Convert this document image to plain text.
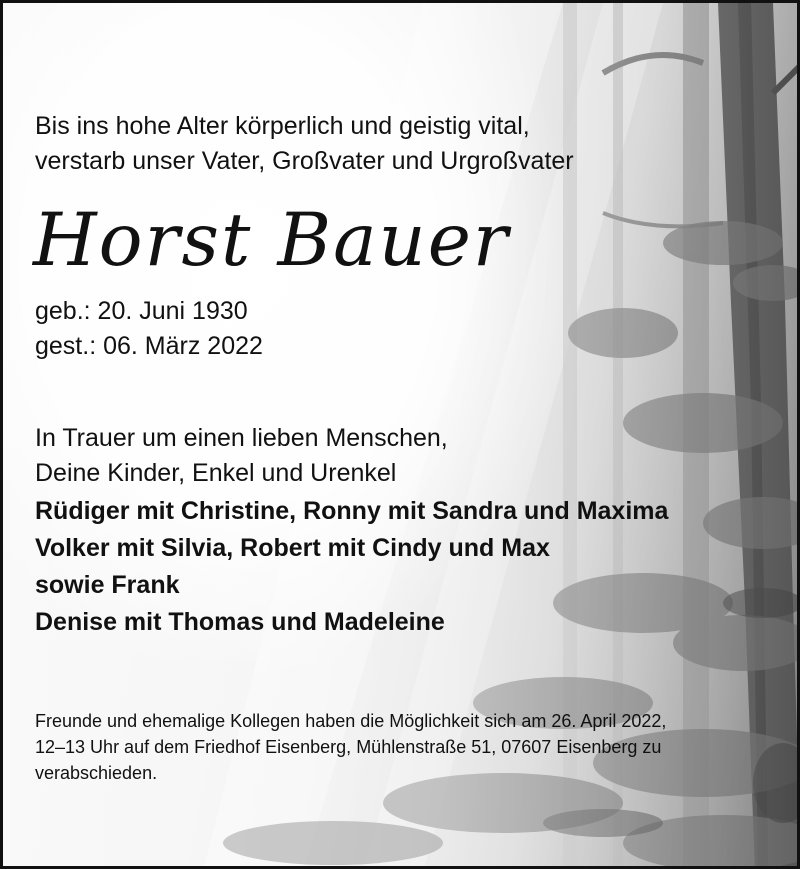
Bis ins hohe Alter körperlich und geistig vital,
verstarb unser Vater, Großvater und Urgroßvater

Horst Bauer
geb.: 20. Juni 1930
gest.: 06. März 2022
In Trauer um einen lieben Menschen,
Deine Kinder, Enkel und Urenkel
Rüdiger mit Christine, Ronny mit Sandra und Maxima
Volker mit Silvia, Robert mit Cindy und Max
sowie Frank
Denise mit Thomas und Madeleine

Freunde und ehemalige Kollegen haben die Möglichkeit sich am 26. April 2022,
12–13 Uhr auf dem Friedhof Eisenberg, Mühlenstraße 51, 07607 Eisenberg zu
verabschieden.
